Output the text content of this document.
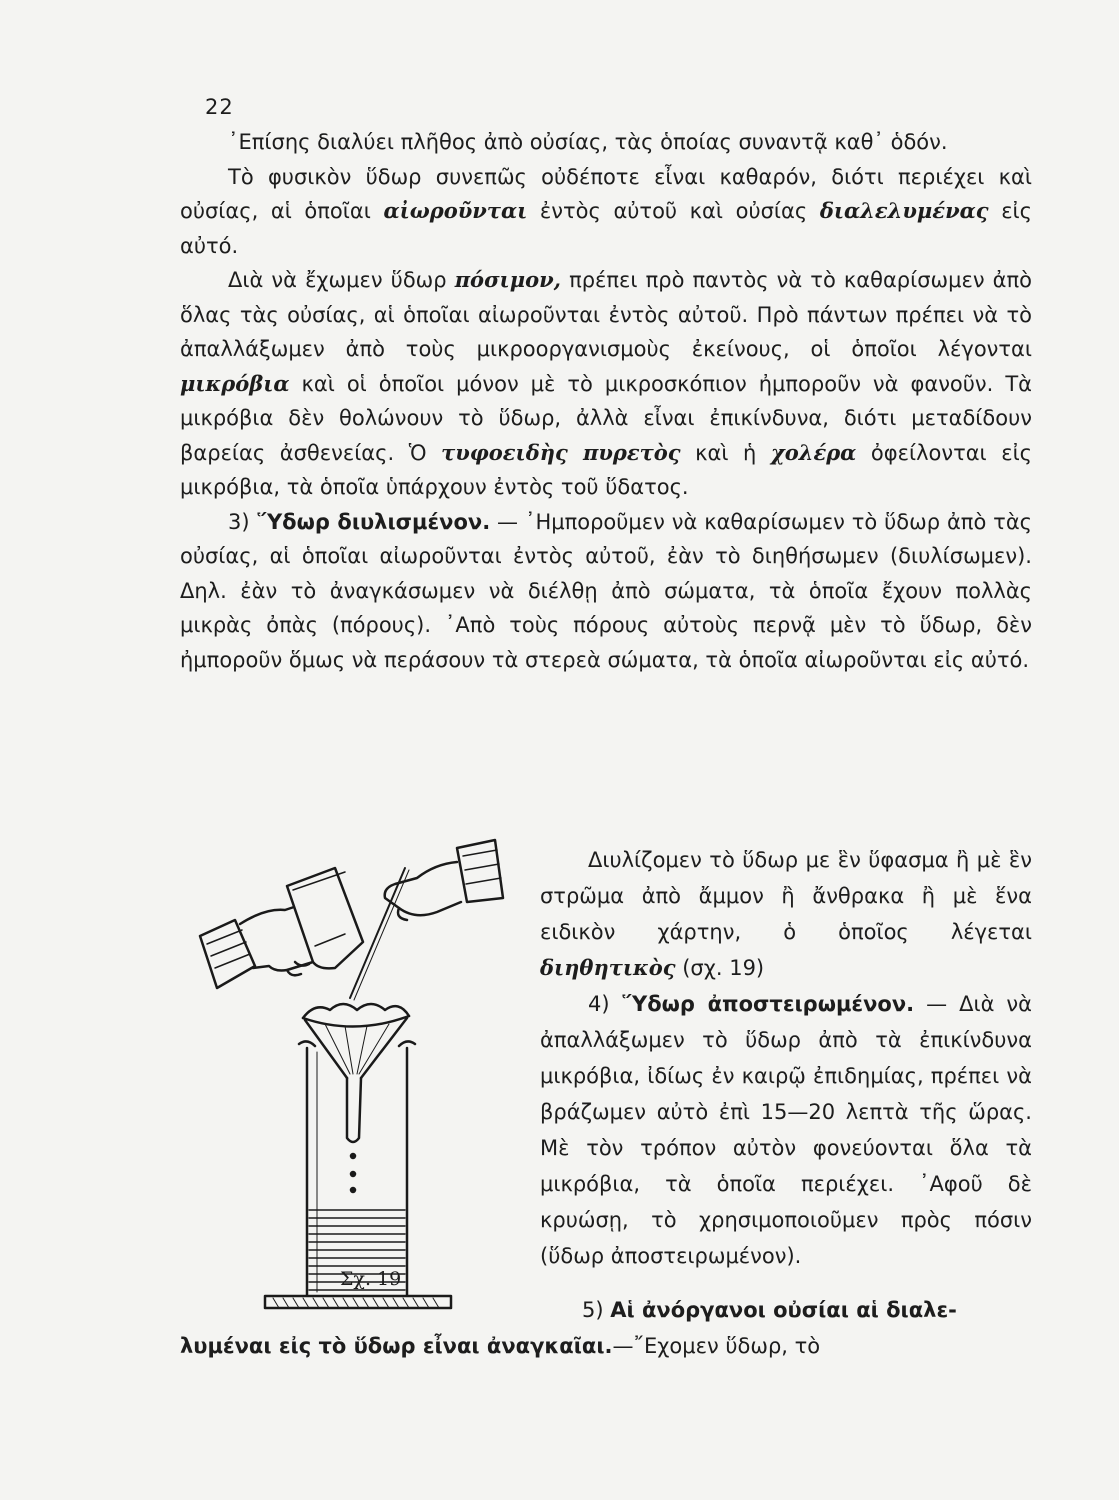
22

᾿Επίσης διαλύει πλῆθος ἀπὸ οὐσίας, τὰς ὁποίας συναντᾷ καθ᾿ ὁδόν.

Τὸ φυσικὸν ὕδωρ συνεπῶς οὐδέποτε εἶναι καθαρόν, διότι περιέχει καὶ οὐσίας, αἱ ὁποῖαι αἰωροῦνται ἐντὸς αὐτοῦ καὶ οὐσίας διαλελυμένας εἰς αὐτό.

Διὰ νὰ ἔχωμεν ὕδωρ πόσιμον, πρέπει πρὸ παντὸς νὰ τὸ καθαρίσωμεν ἀπὸ ὅλας τὰς οὐσίας, αἱ ὁποῖαι αἰωροῦνται ἐντὸς αὐτοῦ. Πρὸ πάντων πρέπει νὰ τὸ ἀπαλλάξωμεν ἀπὸ τοὺς μικροοργανισμοὺς ἐκείνους, οἱ ὁποῖοι λέγονται μικρόβια καὶ οἱ ὁποῖοι μόνον μὲ τὸ μικροσκόπιον ἠμποροῦν νὰ φανοῦν. Τὰ μικρόβια δὲν θολώνουν τὸ ὕδωρ, ἀλλὰ εἶναι ἐπικίνδυνα, διότι μεταδίδουν βαρείας ἀσθενείας. Ὁ τυφοειδὴς πυρετὸς καὶ ἡ χολέρα ὀφείλονται εἰς μικρόβια, τὰ ὁποῖα ὑπάρχουν ἐντὸς τοῦ ὕδατος.

3) ῞Υδωρ διυλισμένον. — ᾿Ημποροῦμεν νὰ καθαρίσωμεν τὸ ὕδωρ ἀπὸ τὰς οὐσίας, αἱ ὁποῖαι αἰωροῦνται ἐντὸς αὐτοῦ, ἐὰν τὸ διηθήσωμεν (διυλίσωμεν). Δηλ. ἐὰν τὸ ἀναγκάσωμεν νὰ διέλθῃ ἀπὸ σώματα, τὰ ὁποῖα ἔχουν πολλὰς μικρὰς ὀπὰς (πόρους). ᾿Απὸ τοὺς πόρους αὐτοὺς περνᾷ μὲν τὸ ὕδωρ, δὲν ἠμποροῦν ὅμως νὰ περάσουν τὰ στερεὰ σώματα, τὰ ὁποῖα αἰωροῦνται εἰς αὐτό.

Σχ. 19

Διυλίζομεν τὸ ὕδωρ με ἓν ὕφασμα ἢ μὲ ἓν στρῶμα ἀπὸ ἄμμον ἢ ἄνθρακα ἢ μὲ ἕνα ειδικὸν χάρτην, ὁ ὁποῖος λέγεται διηθητικὸς (σχ. 19)

4) ῞Υδωρ ἀποστειρωμένον. — Διὰ νὰ ἀπαλλάξωμεν τὸ ὕδωρ ἀπὸ τὰ ἐπικίνδυνα μικρόβια, ἰδίως ἐν καιρῷ ἐπιδημίας, πρέπει νὰ βράζωμεν αὐτὸ ἐπὶ 15—20 λεπτὰ τῆς ὥρας. Μὲ τὸν τρόπον αὐτὸν φονεύονται ὅλα τὰ μικρόβια, τὰ ὁποῖα περιέχει. ᾿Αφοῦ δὲ κρυώσῃ, τὸ χρησιμοποιοῦμεν πρὸς πόσιν (ὕδωρ ἀποστειρωμένον).

5) Αἱ ἀνόργανοι οὐσίαι αἱ διαλε-

λυμέναι εἰς τὸ ὕδωρ εἶναι ἀναγκαῖαι.—῎Εχομεν ὕδωρ, τὸ
